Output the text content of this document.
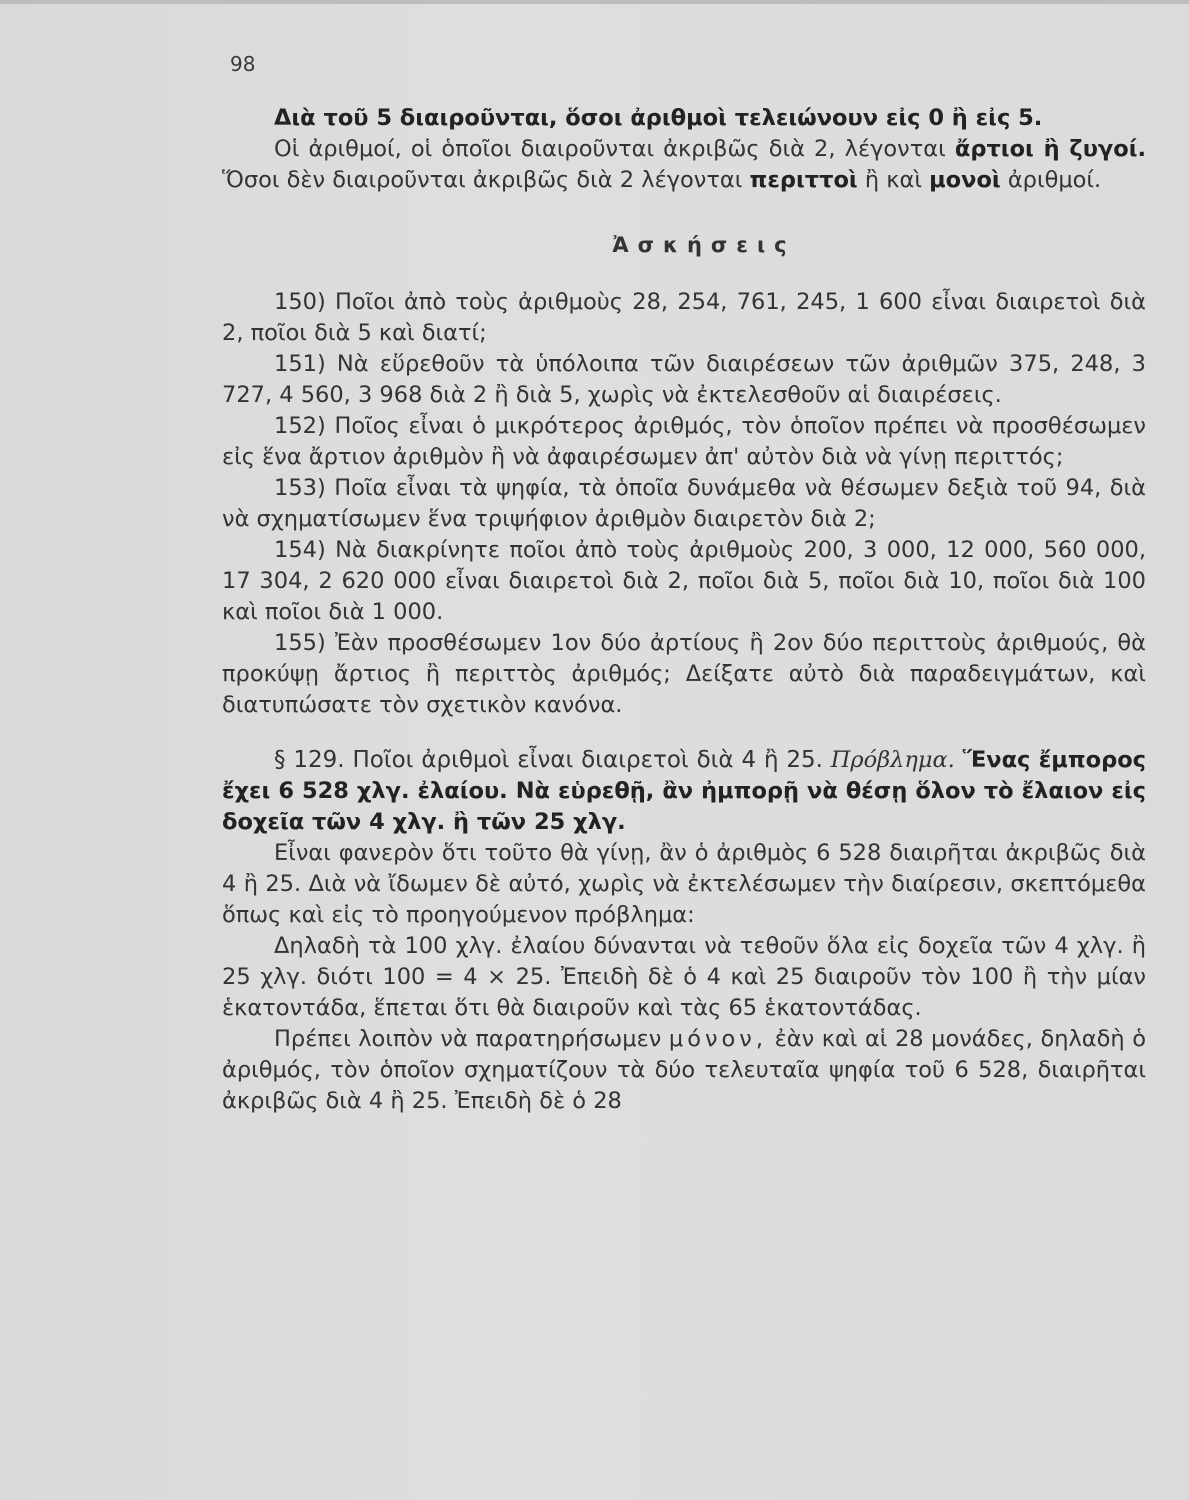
98

Διὰ τοῦ 5 διαιροῦνται, ὅσοι ἀριθμοὶ τελειώνουν εἰς 0 ἢ εἰς 5.

Οἱ ἀριθμοί, οἱ ὁποῖοι διαιροῦνται ἀκριβῶς διὰ 2, λέγονται ἄρτιοι ἢ ζυγοί. Ὅσοι δὲν διαιροῦνται ἀκριβῶς διὰ 2 λέγονται περιττοὶ ἢ καὶ μονοὶ ἀριθμοί.

Ἀσκήσεις

150) Ποῖοι ἀπὸ τοὺς ἀριθμοὺς 28, 254, 761, 245, 1 600 εἶναι διαιρετοὶ διὰ 2, ποῖοι διὰ 5 καὶ διατί;

151) Νὰ εὕρεθοῦν τὰ ὑπόλοιπα τῶν διαιρέσεων τῶν ἀριθμῶν 375, 248, 3 727, 4 560, 3 968 διὰ 2 ἢ διὰ 5, χωρὶς νὰ ἐκτελεσθοῦν αἱ διαιρέσεις.

152) Ποῖος εἶναι ὁ μικρότερος ἀριθμός, τὸν ὁποῖον πρέπει νὰ προσθέσωμεν εἰς ἕνα ἄρτιον ἀριθμὸν ἢ νὰ ἀφαιρέσωμεν ἀπ' αὐτὸν διὰ νὰ γίνῃ περιττός;

153) Ποῖα εἶναι τὰ ψηφία, τὰ ὁποῖα δυνάμεθα νὰ θέσωμεν δεξιὰ τοῦ 94, διὰ νὰ σχηματίσωμεν ἕνα τριψήφιον ἀριθμὸν διαιρετὸν διὰ 2;

154) Νὰ διακρίνητε ποῖοι ἀπὸ τοὺς ἀριθμοὺς 200, 3 000, 12 000, 560 000, 17 304, 2 620 000 εἶναι διαιρετοὶ διὰ 2, ποῖοι διὰ 5, ποῖοι διὰ 10, ποῖοι διὰ 100 καὶ ποῖοι διὰ 1 000.

155) Ἐὰν προσθέσωμεν 1ον δύο ἀρτίους ἢ 2ον δύο περιττοὺς ἀριθμούς, θὰ προκύψῃ ἄρτιος ἢ περιττὸς ἀριθμός; Δείξατε αὐτὸ διὰ παραδειγμάτων, καὶ διατυπώσατε τὸν σχετικὸν κανόνα.

§ 129. Ποῖοι ἀριθμοὶ εἶναι διαιρετοὶ διὰ 4 ἢ 25. Πρόβλημα. Ἕνας ἔμπορος ἔχει 6 528 χλγ. ἐλαίου. Νὰ εὑρεθῇ, ἂν ἠμπορῇ νὰ θέσῃ ὅλον τὸ ἔλαιον εἰς δοχεῖα τῶν 4 χλγ. ἢ τῶν 25 χλγ.

Εἶναι φανερὸν ὅτι τοῦτο θὰ γίνῃ, ἂν ὁ ἀριθμὸς 6 528 διαιρῆται ἀκριβῶς διὰ 4 ἢ 25. Διὰ νὰ ἴδωμεν δὲ αὐτό, χωρὶς νὰ ἐκτελέσωμεν τὴν διαίρεσιν, σκεπτόμεθα ὅπως καὶ εἰς τὸ προηγούμενον πρόβλημα:

Δηλαδὴ τὰ 100 χλγ. ἐλαίου δύνανται νὰ τεθοῦν ὅλα εἰς δοχεῖα τῶν 4 χλγ. ἢ 25 χλγ. διότι 100 = 4 × 25. Ἐπειδὴ δὲ ὁ 4 καὶ 25 διαιροῦν τὸν 100 ἢ τὴν μίαν ἑκατοντάδα, ἕπεται ὅτι θὰ διαιροῦν καὶ τὰς 65 ἑκατοντάδας.

Πρέπει λοιπὸν νὰ παρατηρήσωμεν μόνον, ἐὰν καὶ αἱ 28 μονάδες, δηλαδὴ ὁ ἀριθμός, τὸν ὁποῖον σχηματίζουν τὰ δύο τελευταῖα ψηφία τοῦ 6 528, διαιρῆται ἀκριβῶς διὰ 4 ἢ 25. Ἐπειδὴ δὲ ὁ 28
